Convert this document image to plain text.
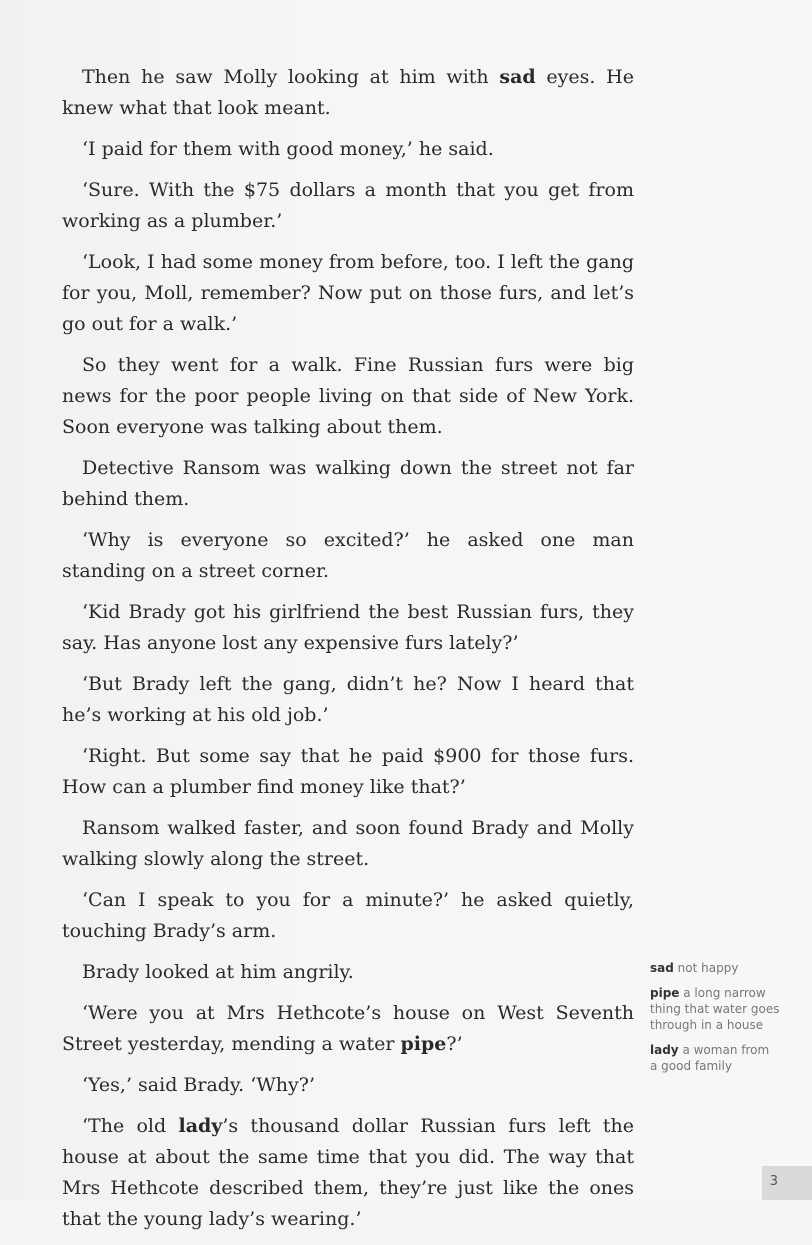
Then he saw Molly looking at him with sad eyes. He knew what that look meant.

‘I paid for them with good money,’ he said.

‘Sure. With the $75 dollars a month that you get from working as a plumber.’

‘Look, I had some money from before, too. I left the gang for you, Moll, remember? Now put on those furs, and let’s go out for a walk.’

So they went for a walk. Fine Russian furs were big news for the poor people living on that side of New York. Soon everyone was talking about them.

Detective Ransom was walking down the street not far behind them.

‘Why is everyone so excited?’ he asked one man standing on a street corner.

‘Kid Brady got his girlfriend the best Russian furs, they say. Has anyone lost any expensive furs lately?’

‘But Brady left the gang, didn’t he? Now I heard that he’s working at his old job.’

‘Right. But some say that he paid $900 for those furs. How can a plumber find money like that?’

Ransom walked faster, and soon found Brady and Molly walking slowly along the street.

‘Can I speak to you for a minute?’ he asked quietly, touching Brady’s arm.

Brady looked at him angrily.

‘Were you at Mrs Hethcote’s house on West Seventh Street yesterday, mending a water pipe?’

‘Yes,’ said Brady. ‘Why?’

‘The old lady’s thousand dollar Russian furs left the house at about the same time that you did. The way that Mrs Hethcote described them, they’re just like the ones that the young lady’s wearing.’

sad not happy
pipe a long narrow thing that water goes through in a house
lady a woman from a good family
3
